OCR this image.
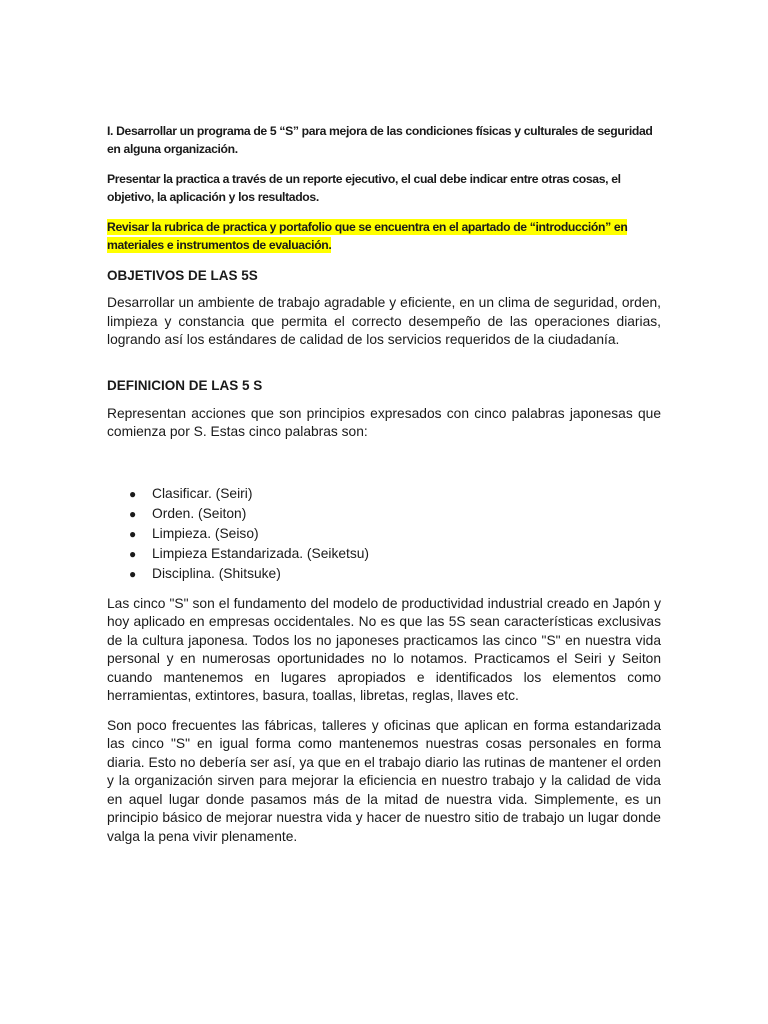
I. Desarrollar un programa de 5 “S” para mejora de las condiciones físicas y culturales de seguridad en alguna organización.

Presentar la practica a través de un reporte ejecutivo, el cual debe indicar entre otras cosas, el objetivo, la aplicación y los resultados.

Revisar la rubrica de practica y portafolio que se encuentra en el apartado de “introducción” en materiales e instrumentos de evaluación.

OBJETIVOS DE LAS 5S

Desarrollar un ambiente de trabajo agradable y eficiente, en un clima de seguridad, orden, limpieza y constancia que permita el correcto desempeño de las operaciones diarias, logrando así los estándares de calidad de los servicios requeridos de la ciudadanía.

DEFINICION DE LAS 5 S

Representan acciones que son principios expresados con cinco palabras japonesas que comienza por S. Estas cinco palabras son:

● Clasificar. (Seiri)
● Orden. (Seiton)
● Limpieza. (Seiso)
● Limpieza Estandarizada. (Seiketsu)
● Disciplina. (Shitsuke)

Las cinco "S" son el fundamento del modelo de productividad industrial creado en Japón y hoy aplicado en empresas occidentales. No es que las 5S sean características exclusivas de la cultura japonesa. Todos los no japoneses practicamos las cinco "S" en nuestra vida personal y en numerosas oportunidades no lo notamos. Practicamos el Seiri y Seiton cuando mantenemos en lugares apropiados e identificados los elementos como herramientas, extintores, basura, toallas, libretas, reglas, llaves etc.

Son poco frecuentes las fábricas, talleres y oficinas que aplican en forma estandarizada las cinco "S" en igual forma como mantenemos nuestras cosas personales en forma diaria. Esto no debería ser así, ya que en el trabajo diario las rutinas de mantener el orden y la organización sirven para mejorar la eficiencia en nuestro trabajo y la calidad de vida en aquel lugar donde pasamos más de la mitad de nuestra vida. Simplemente, es un principio básico de mejorar nuestra vida y hacer de nuestro sitio de trabajo un lugar donde valga la pena vivir plenamente.
